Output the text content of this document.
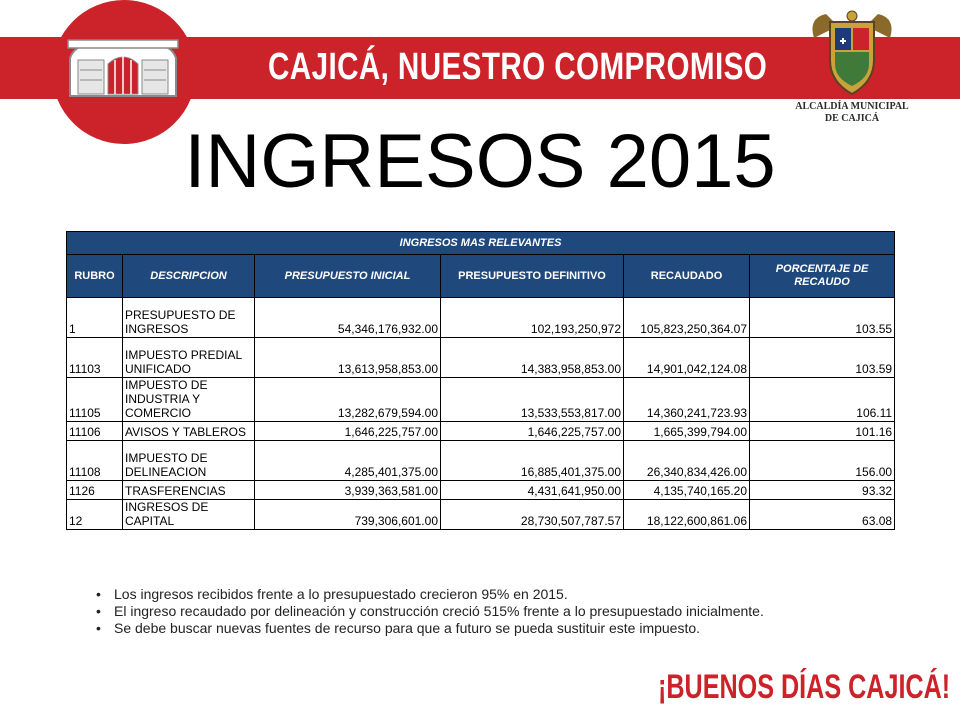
CAJICÁ, NUESTRO COMPROMISO
ALCALDÍA MUNICIPAL
DE CAJICÁ
INGRESOS 2015
INGRESOS MAS RELEVANTES					
RUBRO	DESCRIPCION	PRESUPUESTO INICIAL	PRESUPUESTO DEFINITIVO	RECAUDADO	PORCENTAJE DE RECAUDO
1	PRESUPUESTO DE INGRESOS	54,346,176,932.00	102,193,250,972	105,823,250,364.07	103.55
11103	IMPUESTO PREDIAL UNIFICADO	13,613,958,853.00	14,383,958,853.00	14,901,042,124.08	103.59
11105	IMPUESTO DE INDUSTRIA Y COMERCIO	13,282,679,594.00	13,533,553,817.00	14,360,241,723.93	106.11
11106	AVISOS Y TABLEROS	1,646,225,757.00	1,646,225,757.00	1,665,399,794.00	101.16
11108	IMPUESTO DE DELINEACION	4,285,401,375.00	16,885,401,375.00	26,340,834,426.00	156.00
1126	TRASFERENCIAS	3,939,363,581.00	4,431,641,950.00	4,135,740,165.20	93.32
12	INGRESOS DE CAPITAL	739,306,601.00	28,730,507,787.57	18,122,600,861.06	63.08
• Los ingresos recibidos frente a lo presupuestado crecieron 95% en 2015.
• El ingreso recaudado por delineación y construcción creció 515% frente a lo presupuestado inicialmente.
• Se debe buscar nuevas fuentes de recurso para que a futuro se pueda sustituir este impuesto.
¡BUENOS DÍAS CAJICÁ!
